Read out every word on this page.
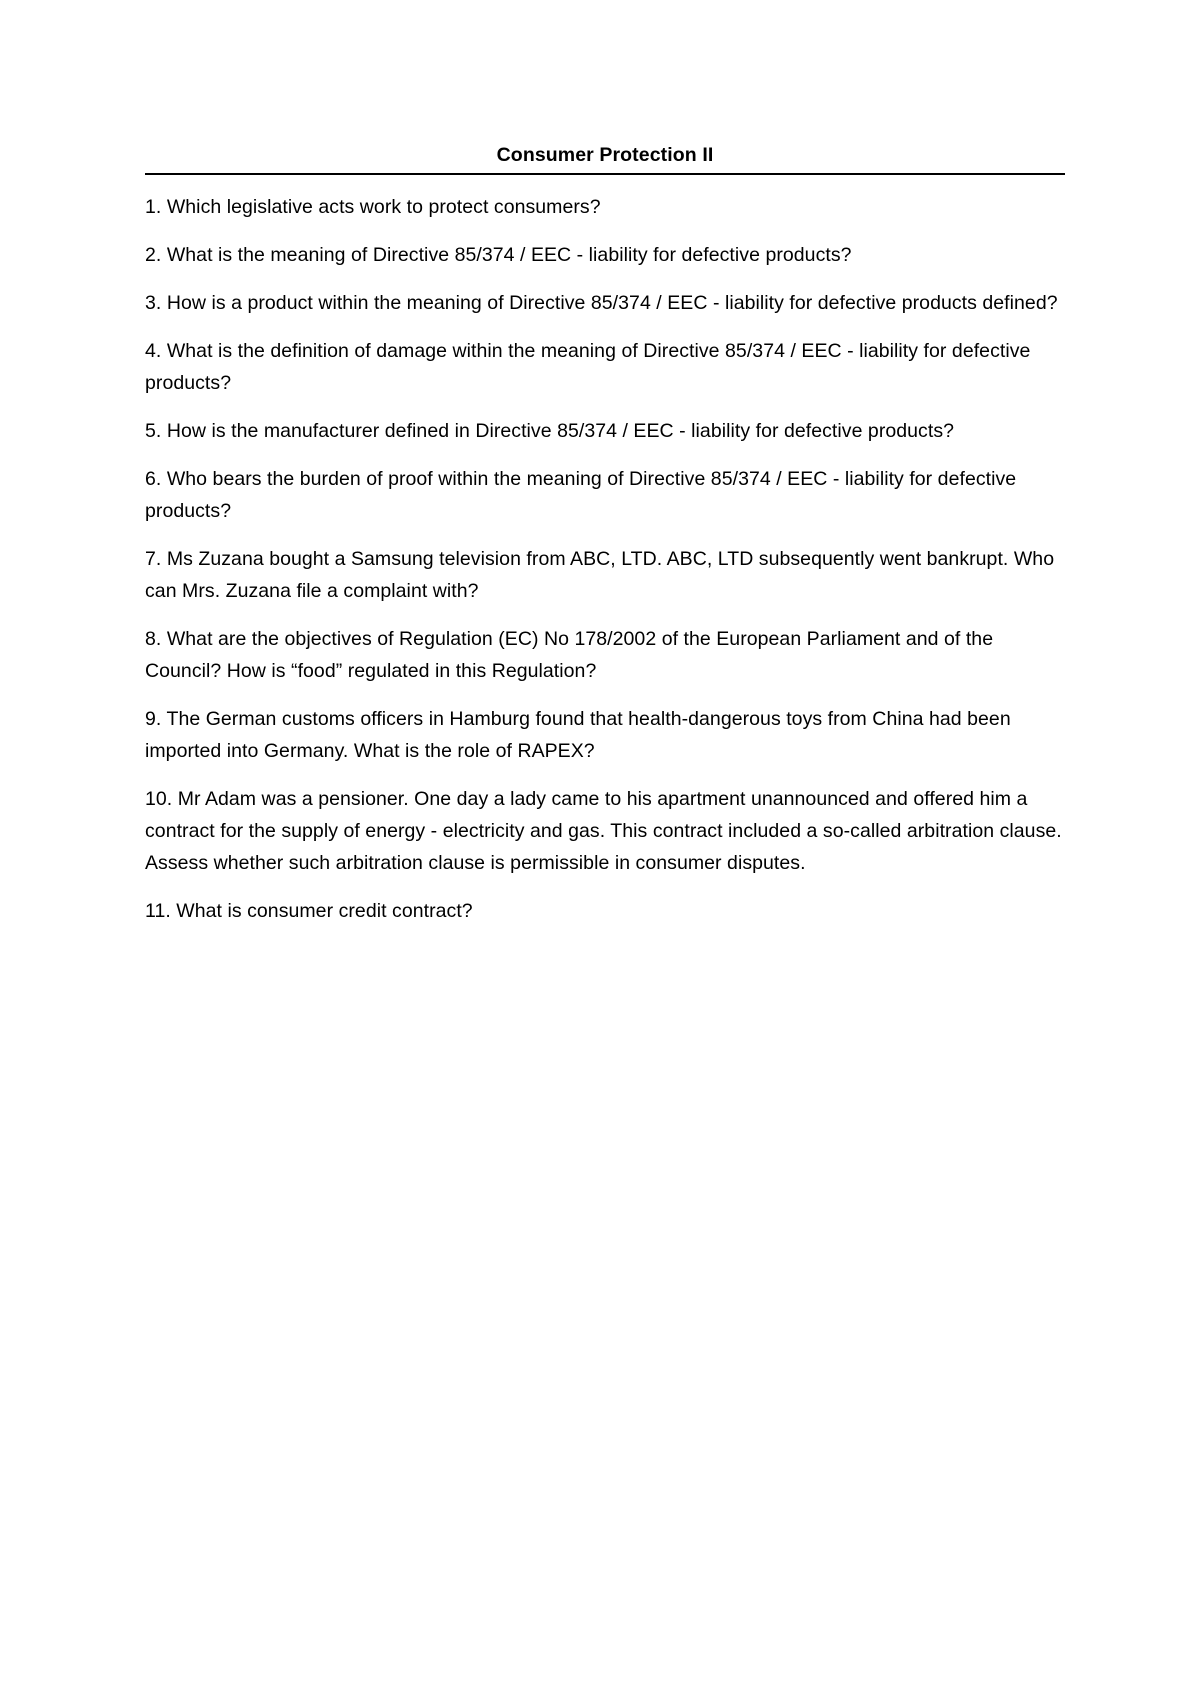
Consumer Protection II
1. Which legislative acts work to protect consumers?
2. What is the meaning of Directive 85/374 / EEC - liability for defective products?
3. How is a product within the meaning of Directive 85/374 / EEC - liability for defective products defined?
4. What is the definition of damage within the meaning of Directive 85/374 / EEC - liability for defective products?
5. How is the manufacturer defined in Directive 85/374 / EEC - liability for defective products?
6. Who bears the burden of proof within the meaning of Directive 85/374 / EEC - liability for defective products?
7. Ms Zuzana bought a Samsung television from ABC, LTD. ABC, LTD subsequently went bankrupt. Who can Mrs. Zuzana file a complaint with?
8. What are the objectives of Regulation (EC) No 178/2002 of the European Parliament and of the Council? How is “food” regulated in this Regulation?
9. The German customs officers in Hamburg found that health-dangerous toys from China had been imported into Germany. What is the role of RAPEX?
10. Mr Adam was a pensioner. One day a lady came to his apartment unannounced and offered him a contract for the supply of energy - electricity and gas. This contract included a so-called arbitration clause. Assess whether such arbitration clause is permissible in consumer disputes.
11. What is consumer credit contract?
